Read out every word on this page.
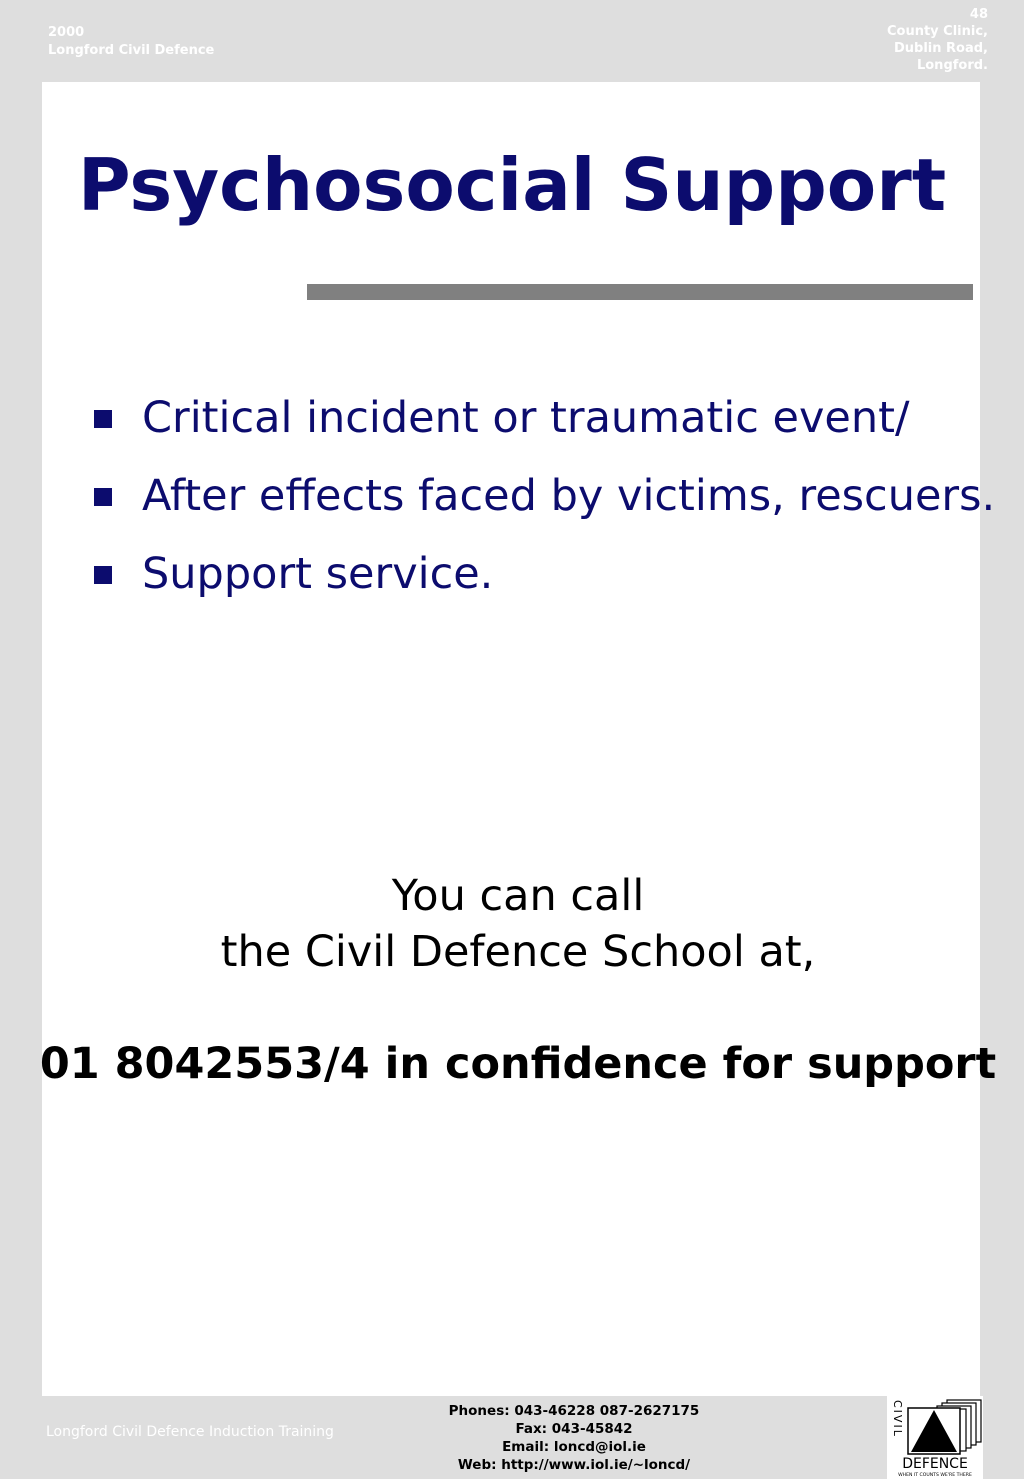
2000
Longford Civil Defence
48
County Clinic,
Dublin Road,
Longford.
Psychosocial Support
Critical incident or traumatic event/
After effects faced by victims, rescuers.
Support service.
You can call
the Civil Defence School at,
01 8042553/4 in confidence for support
Longford Civil Defence Induction Training
Phones: 043-46228 087-2627175
Fax: 043-45842
Email: loncd@iol.ie
Web: http://www.iol.ie/~loncd/
CIVIL
DEFENCE
WHEN IT COUNTS WE'RE THERE
